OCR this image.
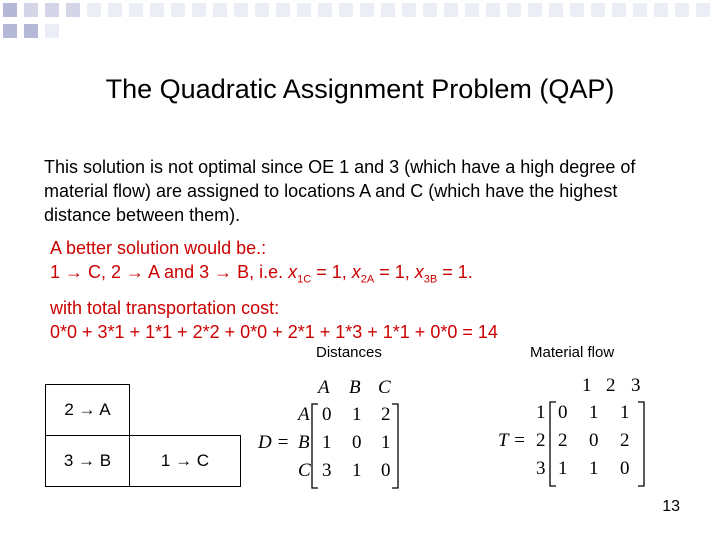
The Quadratic Assignment Problem (QAP)
This solution is not optimal since OE 1 and 3 (which have a high degree of material flow) are assigned to locations A and C (which have the highest distance between them).
A better solution would be.:
1 → C, 2 → A and 3 → B, i.e. $x_{1C} = 1$, $x_{2A} = 1$, $x_{3B} = 1$.
with total transportation cost:
0*0 + 3*1 + 1*1 + 2*2 + 0*0 + 2*1 + 1*3 + 1*1 + 0*0 = 14
Distances	Material flow
2 → A
3 → B	1 → C
D =
A B C
A
B
C
0 1 2
1 0 1
3 1 0
T =
1 2 3
1
2
3
0 1 1
2 0 2
1 1 0
13
